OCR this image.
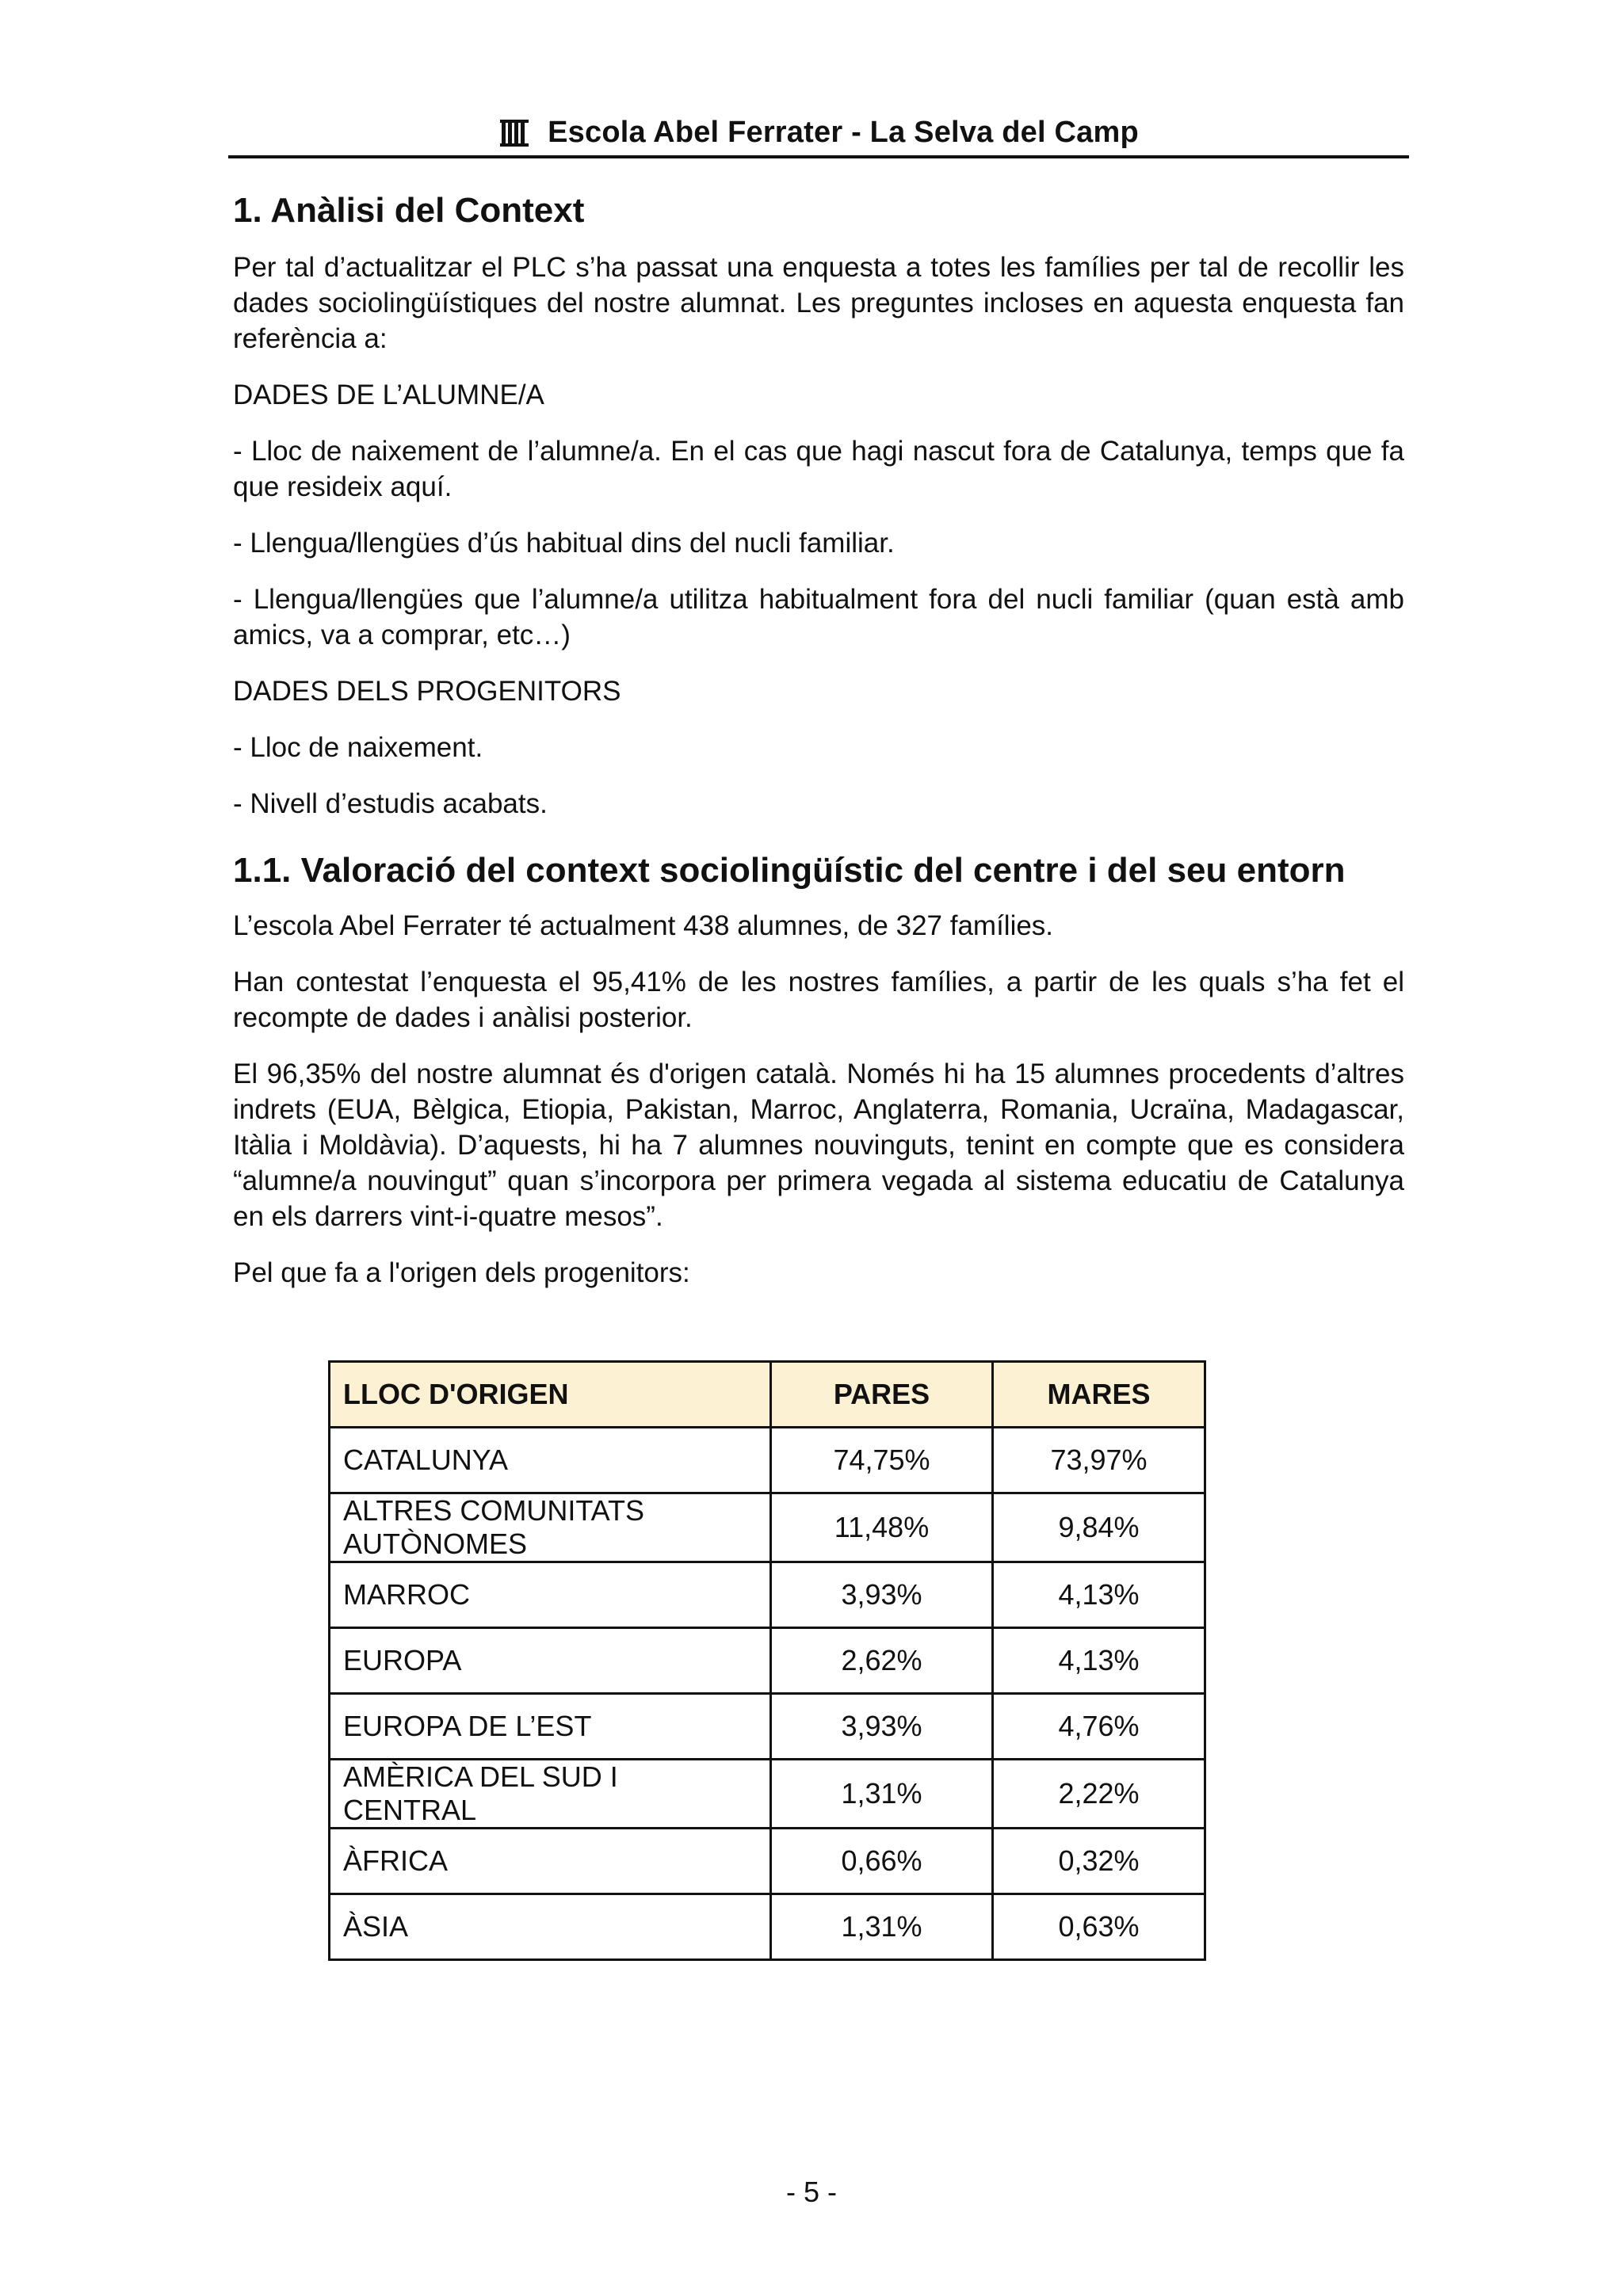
Escola Abel Ferrater - La Selva del Camp
1. Anàlisi del Context

Per tal d’actualitzar el PLC s’ha passat una enquesta a totes les famílies per tal de recollir les dades sociolingüístiques del nostre alumnat. Les preguntes incloses en aquesta enquesta fan referència a:

DADES DE L’ALUMNE/A

- Lloc de naixement de l’alumne/a. En el cas que hagi nascut fora de Catalunya, temps que fa que resideix aquí.

- Llengua/llengües d’ús habitual dins del nucli familiar.

- Llengua/llengües que l’alumne/a utilitza habitualment fora del nucli familiar (quan està amb amics, va a comprar, etc…)

DADES DELS PROGENITORS

- Lloc de naixement.

- Nivell d’estudis acabats.

1.1. Valoració del context sociolingüístic del centre i del seu entorn

L’escola Abel Ferrater té actualment 438 alumnes, de 327 famílies.

Han contestat l’enquesta el 95,41% de les nostres famílies, a partir de les quals s’ha fet el recompte de dades i anàlisi posterior.

El 96,35% del nostre alumnat és d'origen català. Només hi ha 15 alumnes procedents d’altres indrets (EUA, Bèlgica, Etiopia, Pakistan, Marroc, Anglaterra, Romania, Ucraïna, Madagascar, Itàlia i Moldàvia). D’aquests, hi ha 7 alumnes nouvinguts, tenint en compte que es considera “alumne/a nouvingut” quan s’incorpora per primera vegada al sistema educatiu de Catalunya en els darrers vint-i-quatre mesos”.

Pel que fa a l'origen dels progenitors:

LLOC D'ORIGEN	PARES	MARES
CATALUNYA	74,75%	73,97%
ALTRES COMUNITATS AUTÒNOMES	11,48%	9,84%
MARROC	3,93%	4,13%
EUROPA	2,62%	4,13%
EUROPA DE L’EST	3,93%	4,76%
AMÈRICA DEL SUD I CENTRAL	1,31%	2,22%
ÀFRICA	0,66%	0,32%
ÀSIA	1,31%	0,63%
- 5 -
